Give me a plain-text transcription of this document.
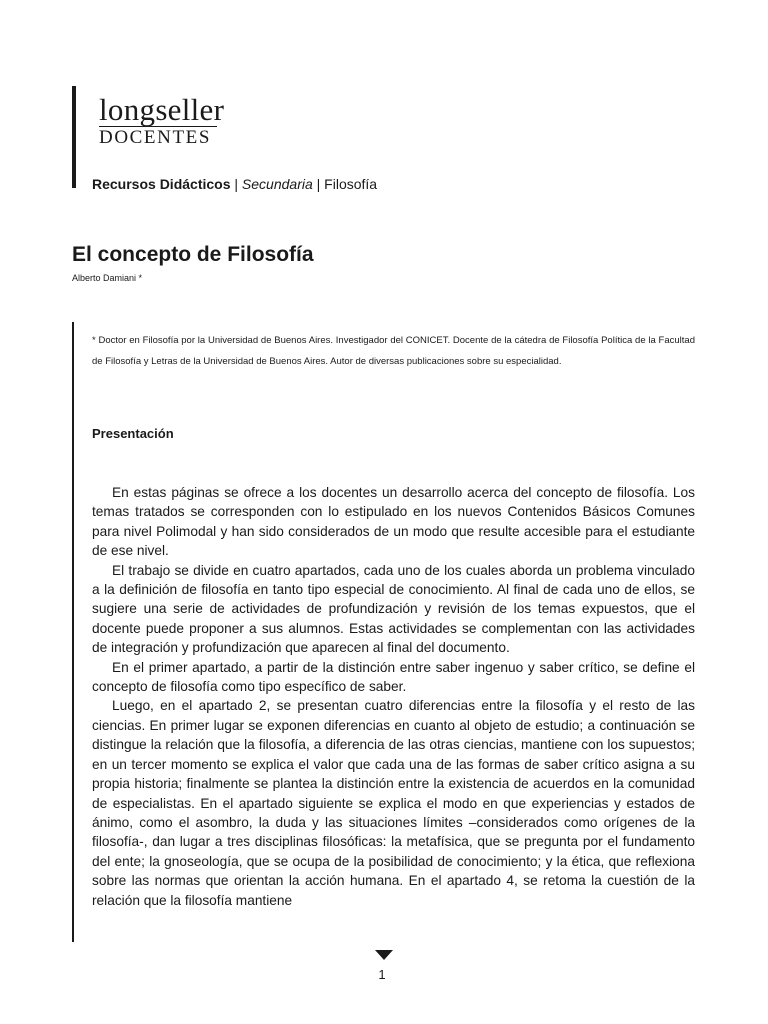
longseller
DOCENTES
Recursos Didácticos | Secundaria | Filosofía
El concepto de Filosofía
Alberto Damiani *

* Doctor en Filosofía por la Universidad de Buenos Aires. Investigador del CONICET. Docente de la cátedra de Filosofía Política de la Facultad de Filosofía y Letras de la Universidad de Buenos Aires. Autor de diversas publicaciones sobre su especialidad.

Presentación

En estas páginas se ofrece a los docentes un desarrollo acerca del concepto de filosofía. Los temas tratados se corresponden con lo estipulado en los nuevos Contenidos Básicos Comunes para nivel Polimodal y han sido considerados de un modo que resulte accesible para el estudiante de ese nivel.

El trabajo se divide en cuatro apartados, cada uno de los cuales aborda un problema vinculado a la definición de filosofía en tanto tipo especial de conocimiento. Al final de cada uno de ellos, se sugiere una serie de actividades de profundización y revisión de los temas expuestos, que el docente puede proponer a sus alumnos. Estas actividades se complementan con las actividades de integración y profundización que aparecen al final del documento.

En el primer apartado, a partir de la distinción entre saber ingenuo y saber crítico, se define el concepto de filosofía como tipo específico de saber.

Luego, en el apartado 2, se presentan cuatro diferencias entre la filosofía y el resto de las ciencias. En primer lugar se exponen diferencias en cuanto al objeto de estudio; a continuación se distingue la relación que la filosofía, a diferencia de las otras ciencias, mantiene con los supuestos; en un tercer momento se explica el valor que cada una de las formas de saber crítico asigna a su propia historia; finalmente se plantea la distinción entre la existencia de acuerdos en la comunidad de especialistas. En el apartado siguiente se explica el modo en que experiencias y estados de ánimo, como el asombro, la duda y las situaciones límites –considerados como orígenes de la filosofía-, dan lugar a tres disciplinas filosóficas: la metafísica, que se pregunta por el fundamento del ente; la gnoseología, que se ocupa de la posibilidad de conocimiento; y la ética, que reflexiona sobre las normas que orientan la acción humana. En el apartado 4, se retoma la cuestión de la relación que la filosofía mantiene

1
